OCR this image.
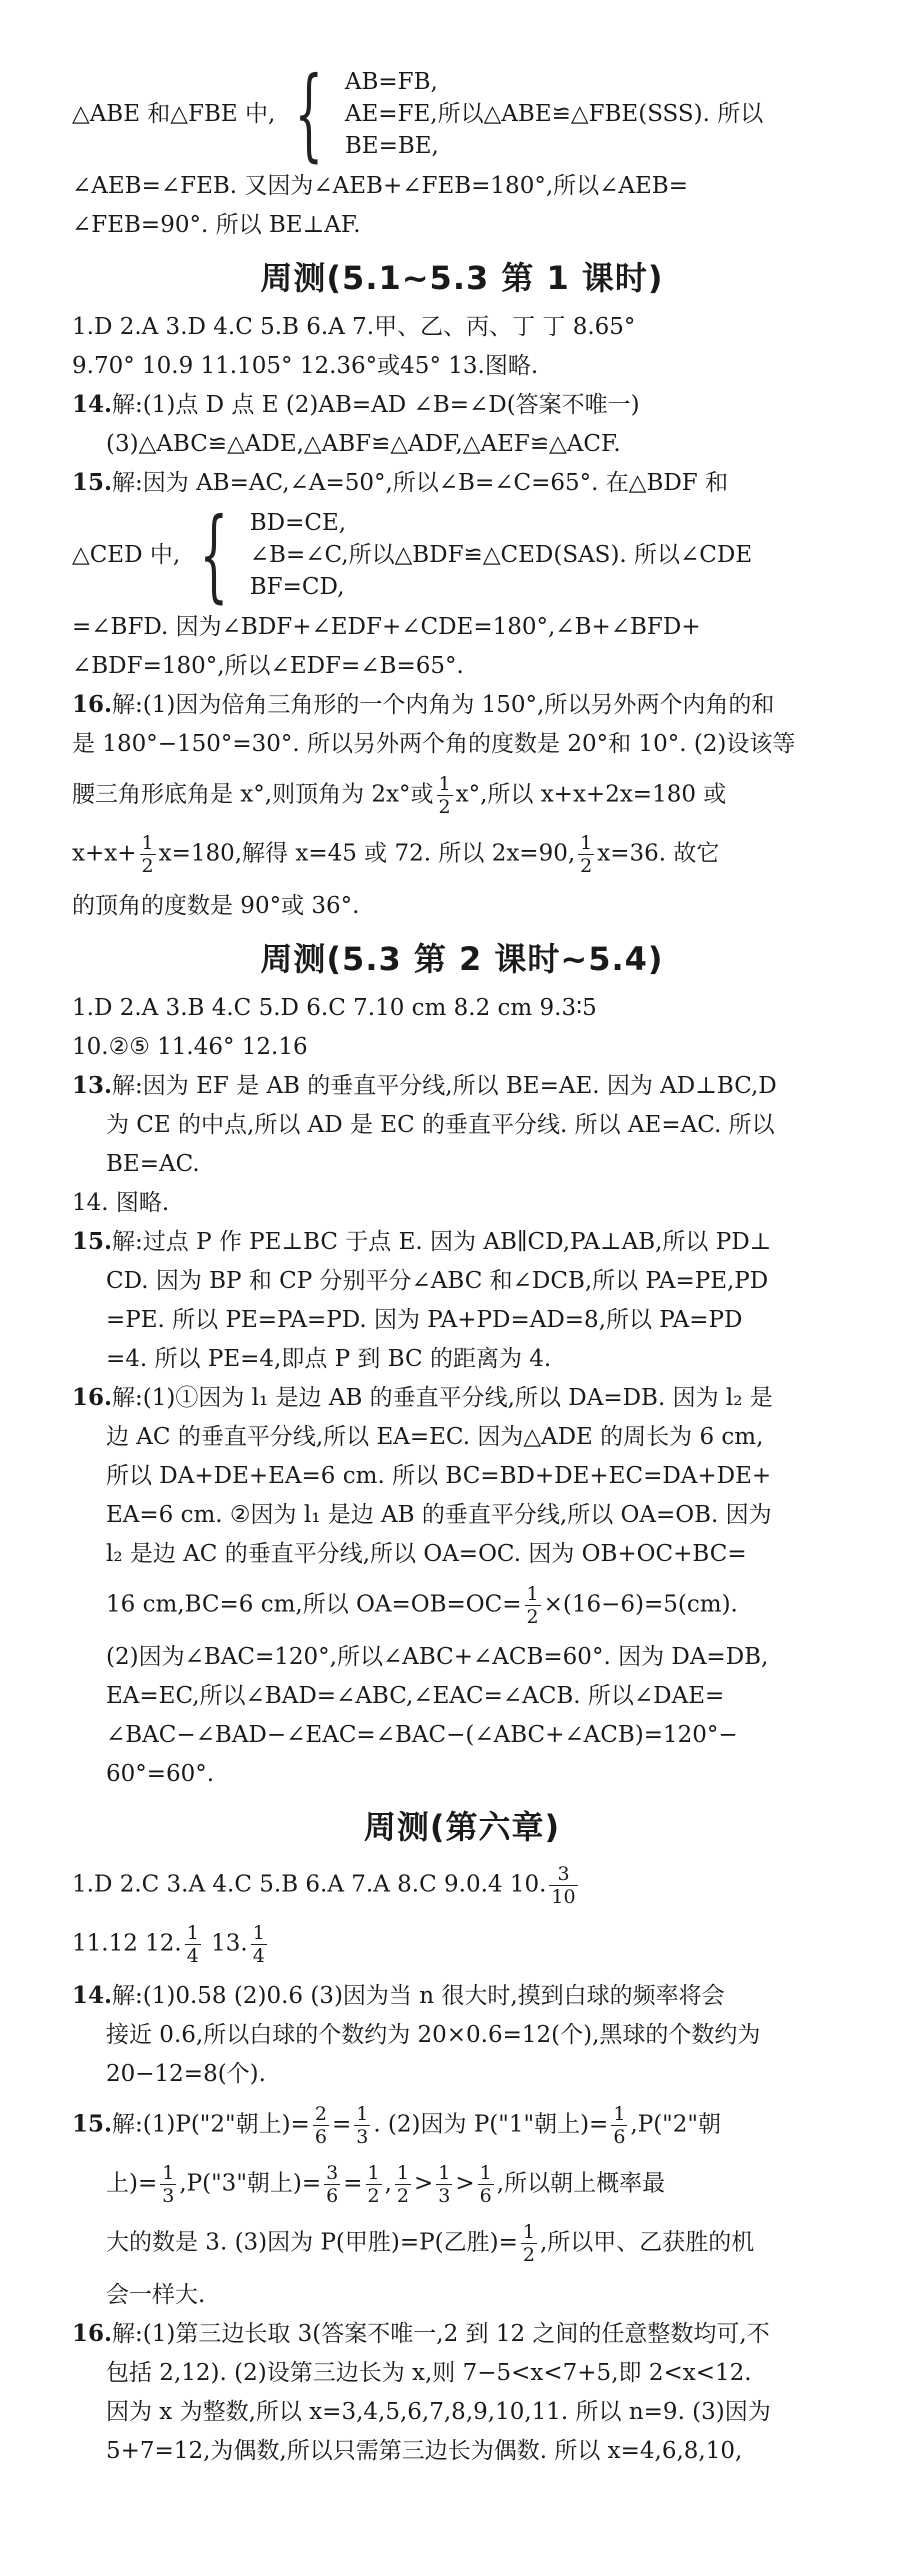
△ABE 和△FBE 中, { AB=FB,
AE=FE,所以△ABE≌△FBE(SSS). 所以
BE=BE,
∠AEB=∠FEB. 又因为∠AEB+∠FEB=180°,所以∠AEB=
∠FEB=90°. 所以 BE⊥AF.
周测(5.1~5.3 第 1 课时)
1.D 2.A 3.D 4.C 5.B 6.A 7.甲、乙、丙、丁 丁 8.65°
9.70° 10.9 11.105° 12.36°或45° 13.图略.
14.解:(1)点 D 点 E (2)AB=AD ∠B=∠D(答案不唯一)
(3)△ABC≌△ADE,△ABF≌△ADF,△AEF≌△ACF.
15.解:因为 AB=AC,∠A=50°,所以∠B=∠C=65°. 在△BDF 和
△CED 中, { BD=CE,
∠B=∠C,所以△BDF≌△CED(SAS). 所以∠CDE
BF=CD,
=∠BFD. 因为∠BDF+∠EDF+∠CDE=180°,∠B+∠BFD+
∠BDF=180°,所以∠EDF=∠B=65°.
16.解:(1)因为倍角三角形的一个内角为 150°,所以另外两个内角的和
是 180°−150°=30°. 所以另外两个角的度数是 20°和 10°. (2)设该等
腰三角形底角是 x°,则顶角为 2x°或 $\frac{1}{2} x^\circ$,所以 x+x+2x=180 或
$x+x+ \frac{1}{2} x=180$,解得 x=45 或 72. 所以 2x=90, $\frac{1}{2} x=36$. 故它
的顶角的度数是 90°或 36°.
周测(5.3 第 2 课时~5.4)
1.D 2.A 3.B 4.C 5.D 6.C 7.10 cm 8.2 cm 9.3∶5
10.②⑤ 11.46° 12.16
13.解:因为 EF 是 AB 的垂直平分线,所以 BE=AE. 因为 AD⊥BC,D
为 CE 的中点,所以 AD 是 EC 的垂直平分线. 所以 AE=AC. 所以
BE=AC.
14. 图略.
15.解:过点 P 作 PE⊥BC 于点 E. 因为 AB∥CD,PA⊥AB,所以 PD⊥
CD. 因为 BP 和 CP 分别平分∠ABC 和∠DCB,所以 PA=PE,PD
=PE. 所以 PE=PA=PD. 因为 PA+PD=AD=8,所以 PA=PD
=4. 所以 PE=4,即点 P 到 BC 的距离为 4.
16.解:(1)①因为 l₁ 是边 AB 的垂直平分线,所以 DA=DB. 因为 l₂ 是
边 AC 的垂直平分线,所以 EA=EC. 因为△ADE 的周长为 6 cm,
所以 DA+DE+EA=6 cm. 所以 BC=BD+DE+EC=DA+DE+
EA=6 cm. ②因为 l₁ 是边 AB 的垂直平分线,所以 OA=OB. 因为
l₂ 是边 AC 的垂直平分线,所以 OA=OC. 因为 OB+OC+BC=
16 cm,BC=6 cm,所以 $OA=OB=OC= \frac{1}{2} \times(16-6)=5(cm)$.
(2)因为∠BAC=120°,所以∠ABC+∠ACB=60°. 因为 DA=DB,
EA=EC,所以∠BAD=∠ABC,∠EAC=∠ACB. 所以∠DAE=
∠BAC−∠BAD−∠EAC=∠BAC−(∠ABC+∠ACB)=120°−
60°=60°.
周测(第六章)
1.D 2.C 3.A 4.C 5.B 6.A 7.A 8.C 9.0.4 10. $\frac{3}{10}$
11.12 12. $\frac{1}{4} 13$. $\frac{1}{4}$
14.解:(1)0.58 (2)0.6 (3)因为当 n 很大时,摸到白球的频率将会
接近 0.6,所以白球的个数约为 20×0.6=12(个),黑球的个数约为
20−12=8(个).
15.解:(1)P("2"朝上)= $\frac{2}{6} = \frac{1}{3}$ . (2)因为 P("1"朝上)= $\frac{1}{6}$ ,P("2"朝
上)= $\frac{1}{3}$ ,P("3"朝上)= $\frac{3}{6} = \frac{1}{2}$ , $\frac{1}{2} > \frac{1}{3} > \frac{1}{6}$ ,所以朝上概率最
大的数是 3. (3)因为 P(甲胜)=P(乙胜)= $\frac{1}{2}$ ,所以甲、乙获胜的机
会一样大.
16.解:(1)第三边长取 3(答案不唯一,2 到 12 之间的任意整数均可,不
包括 2,12). (2)设第三边长为 x,则 7−5<x<7+5,即 2<x<12.
因为 x 为整数,所以 x=3,4,5,6,7,8,9,10,11. 所以 n=9. (3)因为
5+7=12,为偶数,所以只需第三边长为偶数. 所以 x=4,6,8,10,
